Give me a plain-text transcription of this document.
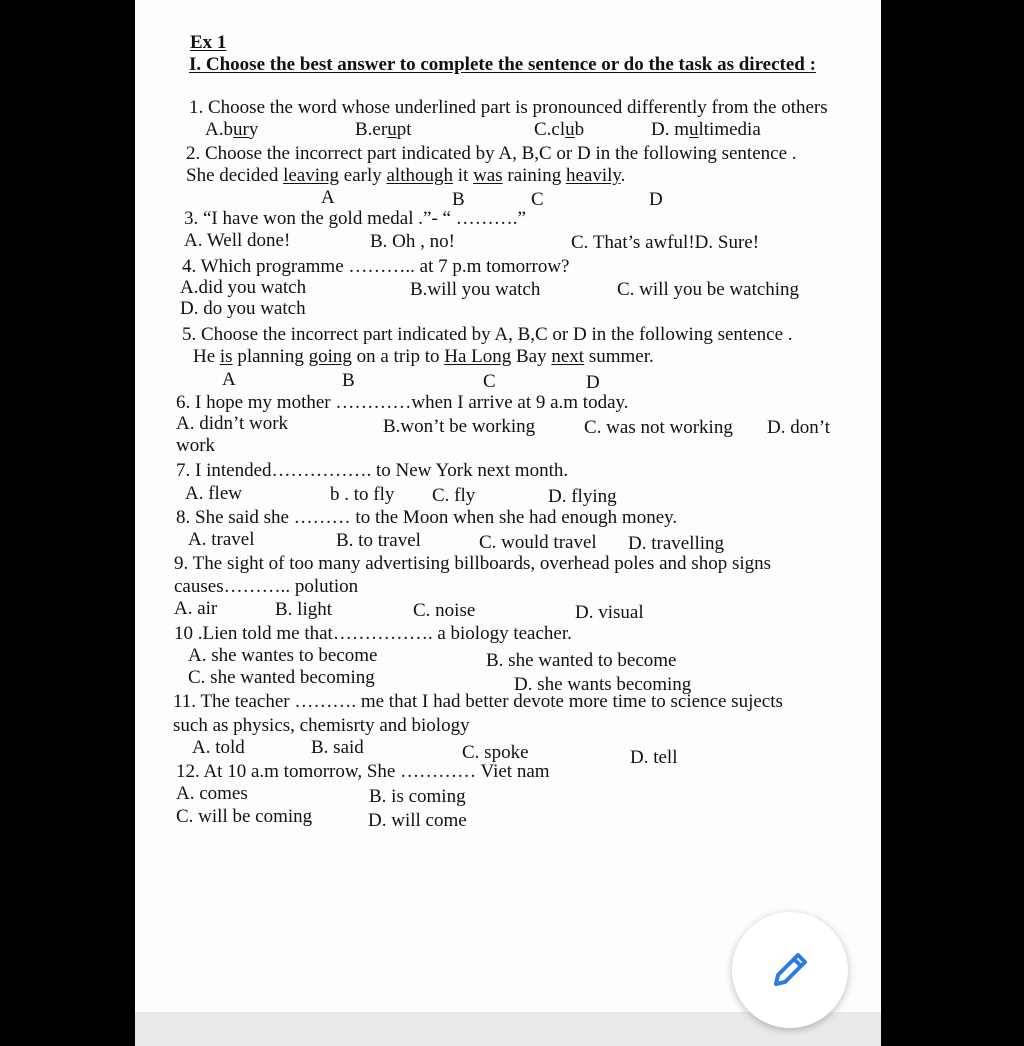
Ex 1
I. Choose the best answer to complete the sentence or do the task as directed :
1. Choose the word whose underlined part is pronounced differently from the others
A.bury	B.erupt	C.club	D. multimedia
2. Choose the incorrect part indicated by A, B,C or D in the following sentence .
She decided leaving early although it was raining heavily.
A	B	C	D
3. “I have won the gold medal .”- “ ……….”
A. Well done!	B. Oh , no!	C. That’s awful!D. Sure!
4. Which programme ……….. at 7 p.m tomorrow?
A.did you watch	B.will you watch	C. will you be watching
D. do you watch
5. Choose the incorrect part indicated by A, B,C or D in the following sentence .
He is planning going on a trip to Ha Long Bay next summer.
A	B	C	D
6. I hope my mother …………when I arrive at 9 a.m today.
A. didn’t work	B.won’t be working	C. was not working D. don’t
work
7. I intended……………. to New York next month.
A. flew	b . to fly C. fly	D. flying
8. She said she ……… to the Moon when she had enough money.
A. travel	B. to travel	C. would travel D. travelling
9. The sight of too many advertising billboards, overhead poles and shop signs
causes……….. polution
A. air	B. light	C. noise	D. visual
10 .Lien told me that……………. a biology teacher.
A. she wantes to become	B. she wanted to become
C. she wanted becoming	D. she wants becoming
11. The teacher ………. me that I had better devote more time to science sujects
such as physics, chemisrty and biology
A. told	B. said	C. spoke	D. tell
12. At 10 a.m tomorrow, She ………… Viet nam
A. comes	B. is coming
C. will be coming	D. will come
